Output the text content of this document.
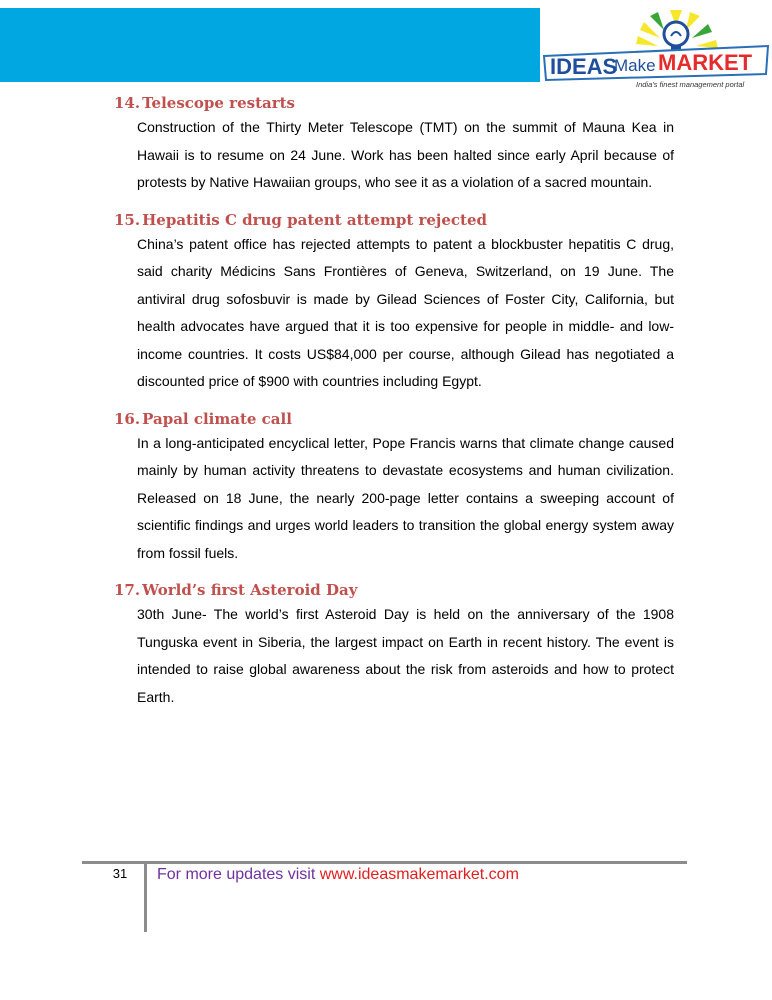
IDEAS
Make MARKET
India's finest management portal
14. Telescope restarts

Construction of the Thirty Meter Telescope (TMT) on the summit of Mauna Kea in Hawaii is to resume on 24 June. Work has been halted since early April because of protests by Native Hawaiian groups, who see it as a violation of a sacred mountain.

15. Hepatitis C drug patent attempt rejected

China’s patent office has rejected attempts to patent a blockbuster hepatitis C drug, said charity Médicins Sans Frontières of Geneva, Switzerland, on 19 June. The antiviral drug sofosbuvir is made by Gilead Sciences of Foster City, California, but health advocates have argued that it is too expensive for people in middle- and low-income countries. It costs US$84,000 per course, although Gilead has negotiated a discounted price of $900 with countries including Egypt.

16. Papal climate call

In a long-anticipated encyclical letter, Pope Francis warns that climate change caused mainly by human activity threatens to devastate ecosystems and human civilization. Released on 18 June, the nearly 200-page letter contains a sweeping account of scientific findings and urges world leaders to transition the global energy system away from fossil fuels.

17. World’s first Asteroid Day

30th June- The world’s first Asteroid Day is held on the anniversary of the 1908 Tunguska event in Siberia, the largest impact on Earth in recent history. The event is intended to raise global awareness about the risk from asteroids and how to protect Earth.

31	For more updates visit www.ideasmakemarket.com
